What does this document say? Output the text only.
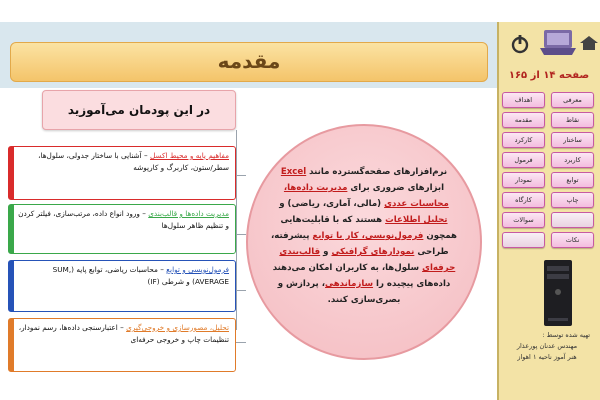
صفحه ۱۴ از ۱۶۵
اهداف	معرفی
مقدمه	نقاط
کارکرد	ساختار
فرمول	کاربرد
نمودار	توابع
کارگاه	چاپ
سوالات
نکات
تهیه شده توسط :
مهندس عدنان پورعذار
هنر آموز ناحیه ۱ اهواز
مقدمه
در این پودمان می‌آموزید
مفاهیم پایه و محیط اکسل – آشنایی با ساختار جدولی، سلول‌ها، سطر/ستون، کاربرگ و کارپوشه
مدیریت داده‌ها و قالب‌بندی – ورود انواع داده، مرتب‌سازی، فیلتر کردن و تنظیم ظاهر سلول‌ها
فرمول‌نویسی و توابع – محاسبات ریاضی، توابع پایه (SUM, AVERAGE) و شرطی (IF)
تحلیل، مصورسازی و خروجی‌گیری – اعتبارسنجی داده‌ها، رسم نمودار، تنظیمات چاپ و خروجی حرفه‌ای
نرم‌افزارهای صفحه‌گسترده مانند Excel ابزارهای ضروری برای مدیریت داده‌ها، محاسبات عددی (مالی، آماری، ریاضی) و تحلیل اطلاعات هستند که با قابلیت‌هایی همچون فرمول‌نویسی، کار با توابع پیشرفته، طراحی نمودارهای گرافیکی و قالب‌بندی حرفه‌ای سلول‌ها، به کاربران امکان می‌دهند داده‌های پیچیده را سازماندهی، پردازش و بصری‌سازی کنند.
Gama
